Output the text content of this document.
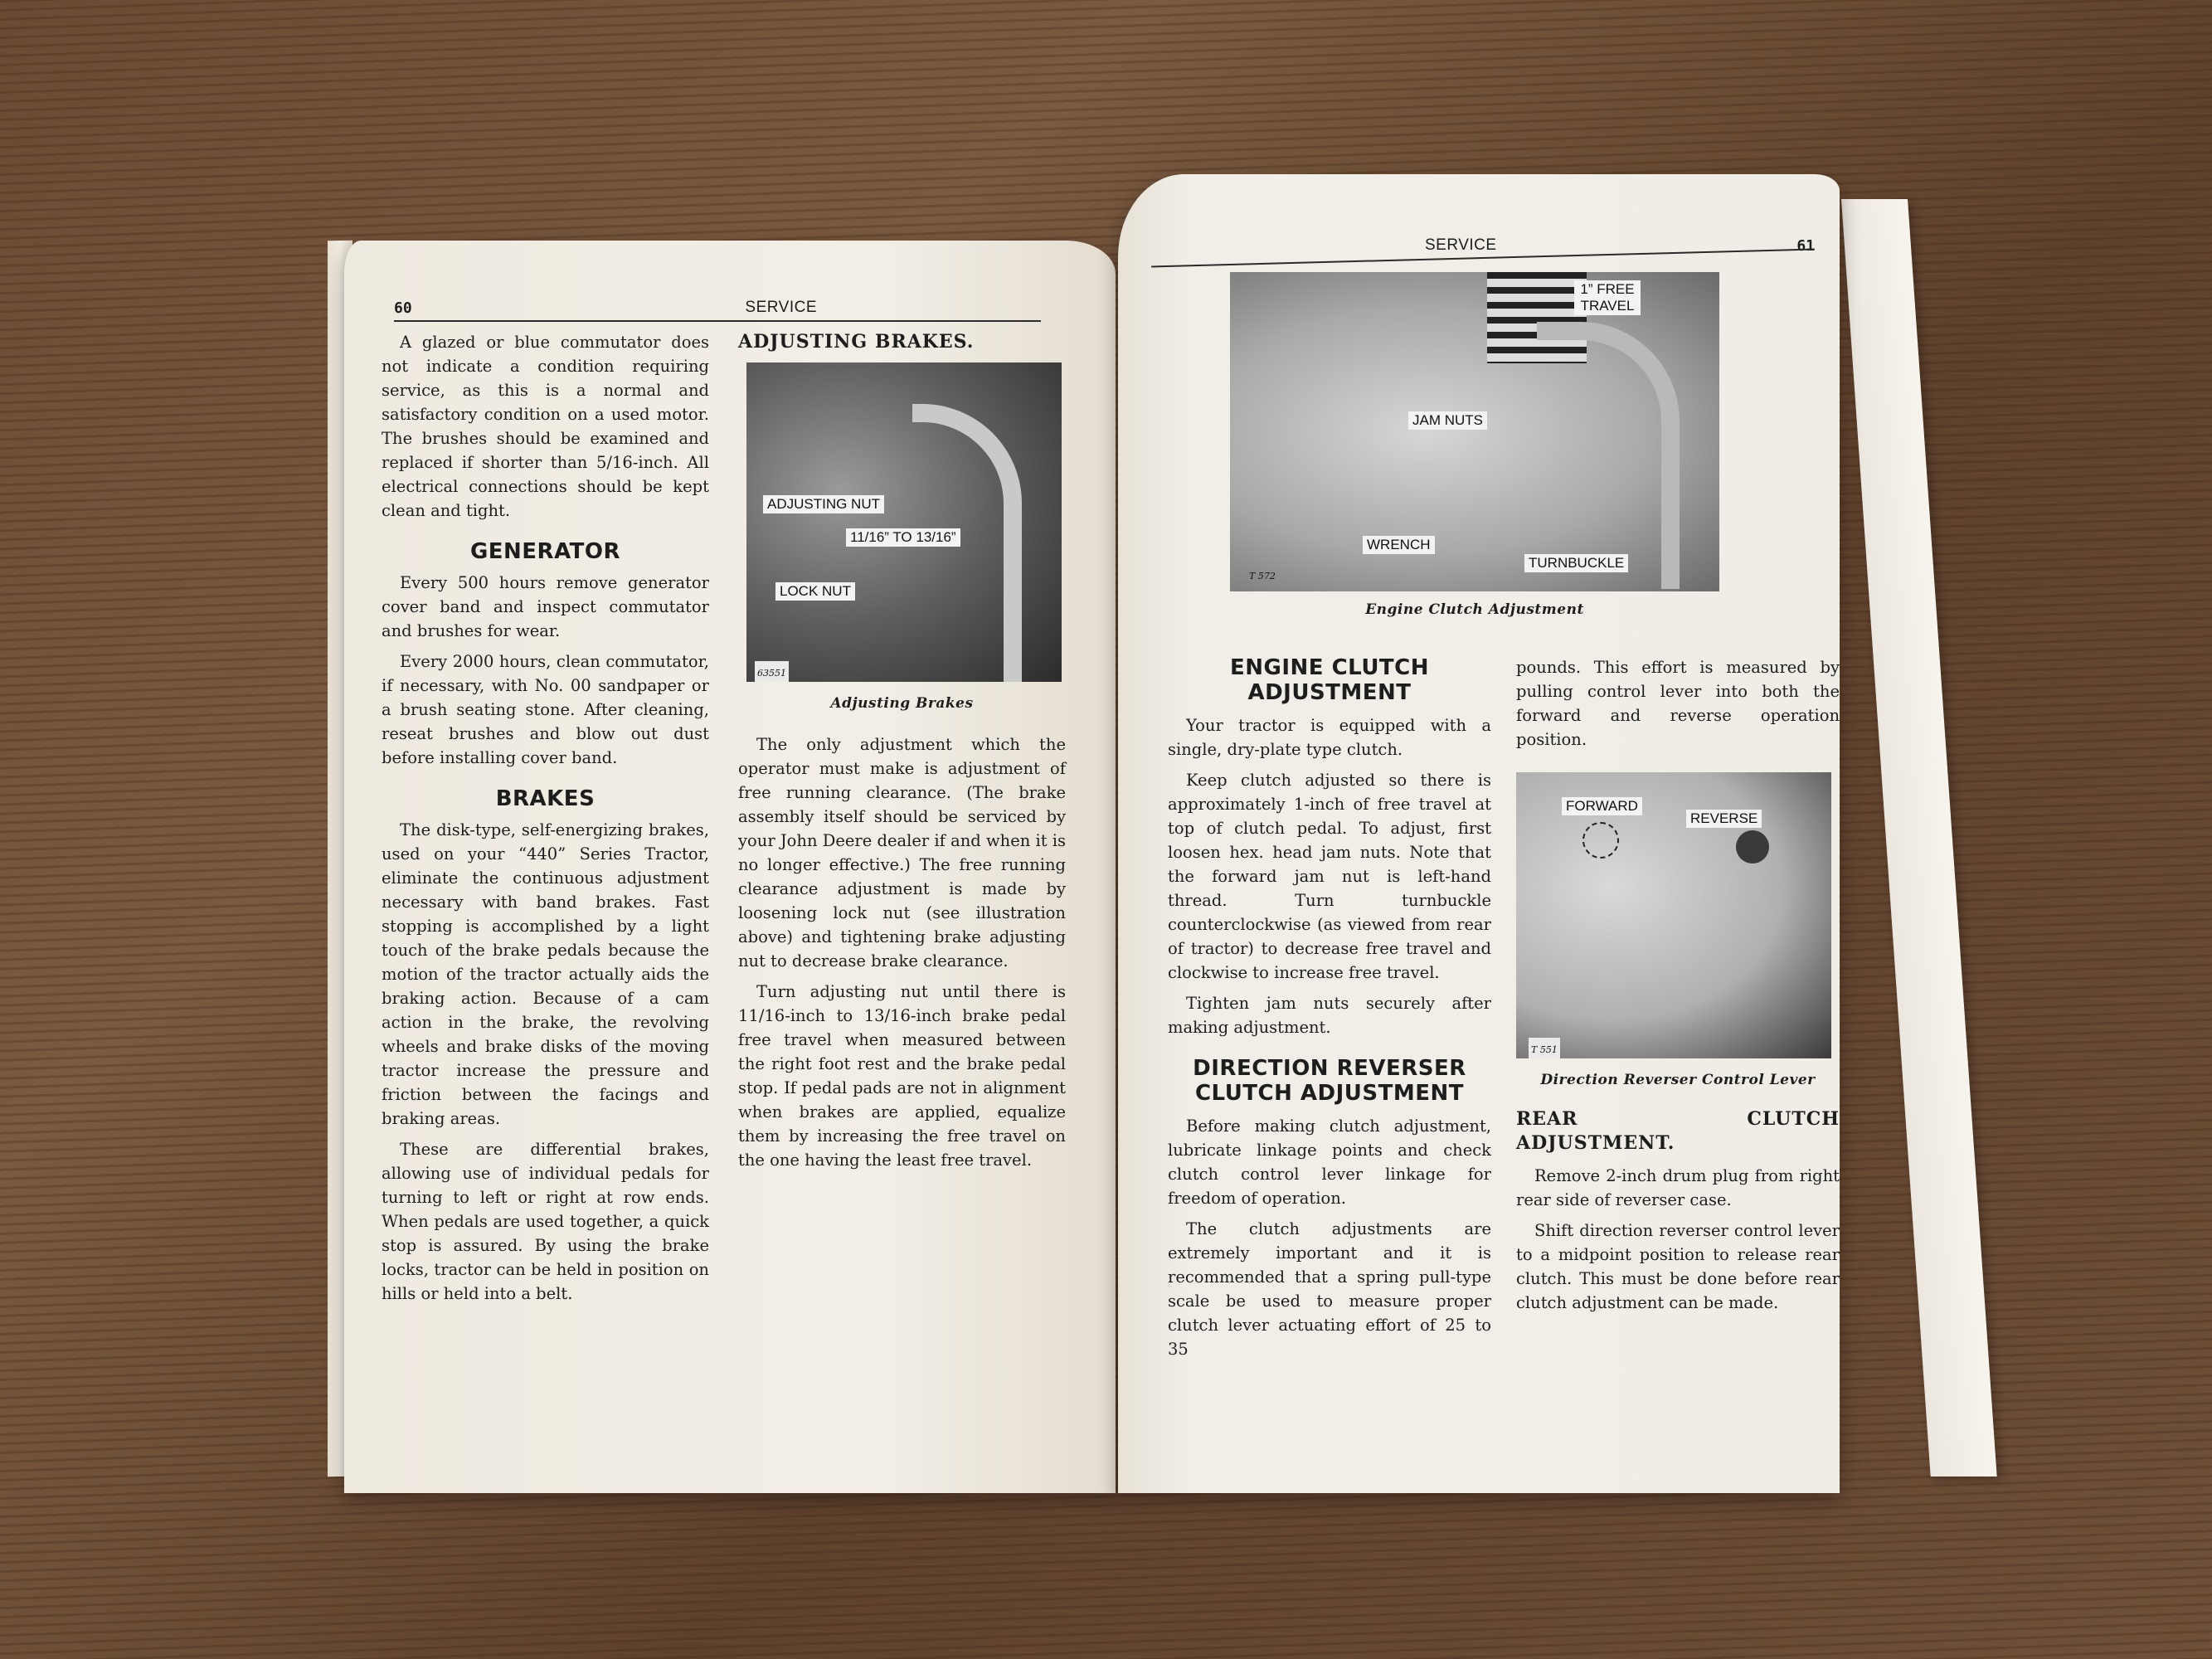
60	SERVICE

A glazed or blue commutator does not indicate a condition requiring service, as this is a normal and satisfactory condition on a used motor. The brushes should be examined and replaced if shorter than 5/16-inch. All electrical connections should be kept clean and tight.

GENERATOR

Every 500 hours remove generator cover band and inspect commutator and brushes for wear.

Every 2000 hours, clean commutator, if necessary, with No. 00 sandpaper or a brush seating stone. After cleaning, reseat brushes and blow out dust before installing cover band.

BRAKES

The disk-type, self-energizing brakes, used on your “440” Series Tractor, eliminate the continuous adjustment necessary with band brakes. Fast stopping is accomplished by a light touch of the brake pedals because the motion of the tractor actually aids the braking action. Because of a cam action in the brake, the revolving wheels and brake disks of the moving tractor increase the pressure and friction between the facings and braking areas.

These are differential brakes, allowing use of individual pedals for turning to left or right at row ends. When pedals are used together, a quick stop is assured. By using the brake locks, tractor can be held in position on hills or held into a belt.

ADJUSTING BRAKES.
ADJUSTING NUT
11/16” TO 13/16”
LOCK NUT
63551
Adjusting Brakes

The only adjustment which the operator must make is adjustment of free running clearance. (The brake assembly itself should be serviced by your John Deere dealer if and when it is no longer effective.) The free running clearance adjustment is made by loosening lock nut (see illustration above) and tightening brake adjusting nut to decrease brake clearance.

Turn adjusting nut until there is 11/16-inch to 13/16-inch brake pedal free travel when measured between the right foot rest and the brake pedal stop. If pedal pads are not in alignment when brakes are applied, equalize them by increasing the free travel on the one having the least free travel.

SERVICE	61
1” FREE TRAVEL
JAM NUTS
WRENCH
TURNBUCKLE
T 572
Engine Clutch Adjustment
ENGINE CLUTCH ADJUSTMENT

Your tractor is equipped with a single, dry-plate type clutch.

Keep clutch adjusted so there is approximately 1-inch of free travel at top of clutch pedal. To adjust, first loosen hex. head jam nuts. Note that the forward jam nut is left-hand thread. Turn turnbuckle counterclockwise (as viewed from rear of tractor) to decrease free travel and clockwise to increase free travel.

Tighten jam nuts securely after making adjustment.

DIRECTION REVERSER CLUTCH ADJUSTMENT

Before making clutch adjustment, lubricate linkage points and check clutch control lever linkage for freedom of operation.

The clutch adjustments are extremely important and it is recommended that a spring pull-type scale be used to measure proper clutch lever actuating effort of 25 to 35

pounds. This effort is measured by pulling control lever into both the forward and reverse operation position.

FORWARD
REVERSE
T 551
Direction Reverser Control Lever
REAR CLUTCH ADJUSTMENT.

Remove 2-inch drum plug from right rear side of reverser case.

Shift direction reverser control lever to a midpoint position to release rear clutch. This must be done before rear clutch adjustment can be made.
